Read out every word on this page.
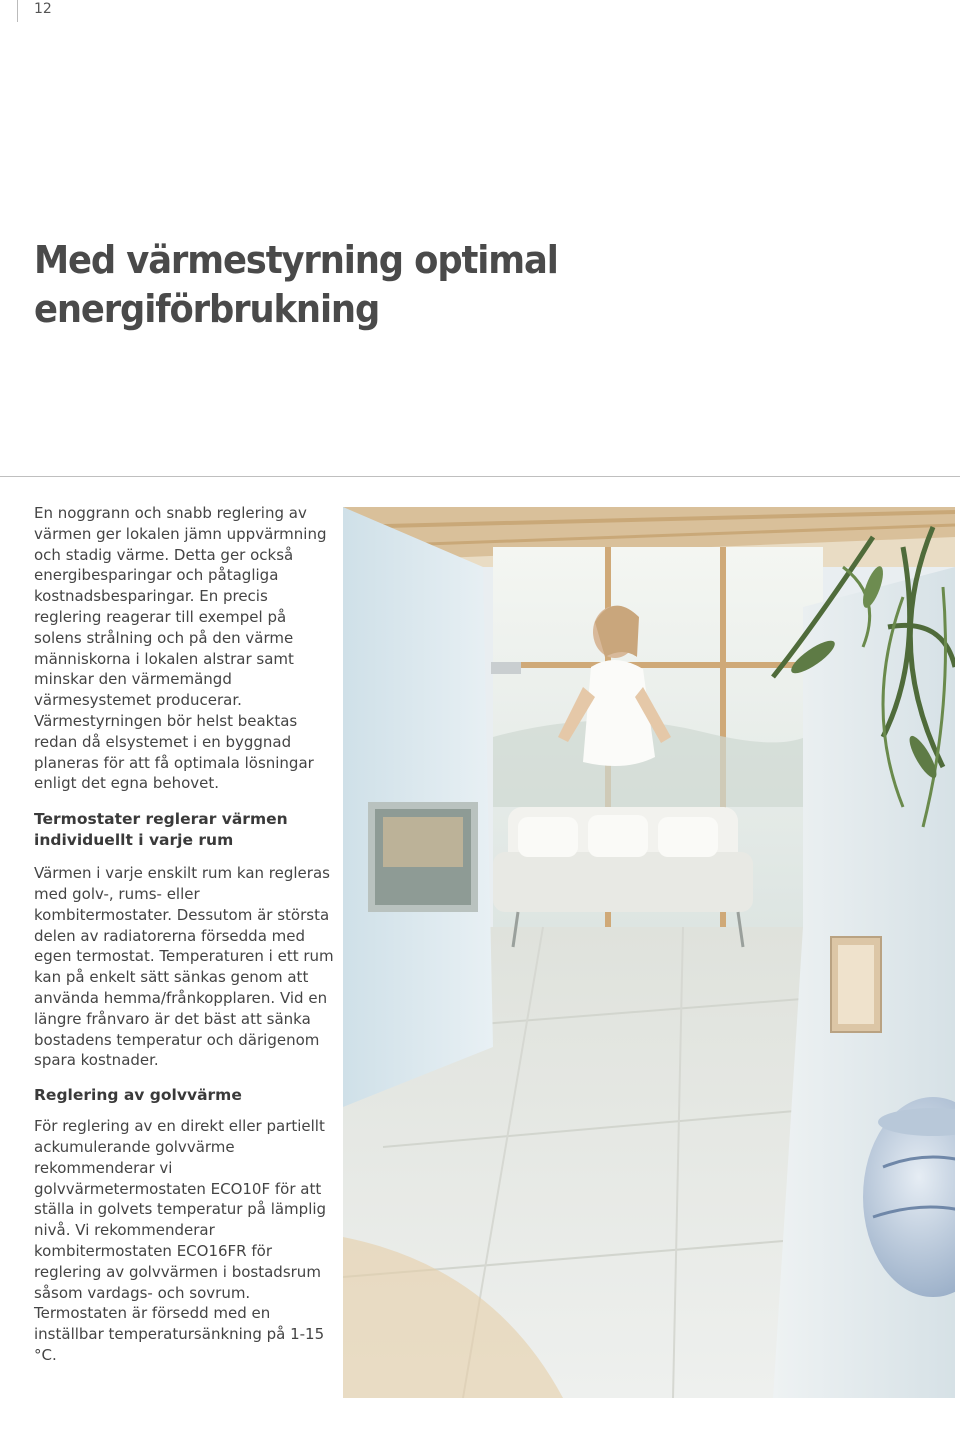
12
Med värmestyrning optimal
energiförbrukning

En noggrann och snabb reglering av värmen ger lokalen jämn uppvärmning och stadig värme. Detta ger också energibesparingar och påtagliga kostnadsbesparingar. En precis reglering reagerar till exempel på solens strålning och på den värme människorna i lokalen alstrar samt minskar den värmemängd värmesystemet producerar. Värmestyrningen bör helst beaktas redan då elsystemet i en byggnad planeras för att få optimala lösningar enligt det egna behovet.

Termostater reglerar värmen individuellt i varje rum

Värmen i varje enskilt rum kan regleras med golv-, rums- eller kombitermostater. Dessutom är största delen av radiatorerna försedda med egen termostat. Temperaturen i ett rum kan på enkelt sätt sänkas genom att använda hemma/frånkopplaren. Vid en längre frånvaro är det bäst att sänka bostadens temperatur och därigenom spara kostnader.

Reglering av golvvärme

För reglering av en direkt eller partiellt ackumulerande golvvärme rekommenderar vi golvvärmetermostaten ECO10F för att ställa in golvets temperatur på lämplig nivå. Vi rekommenderar kombitermostaten ECO16FR för reglering av golvvärmen i bostadsrum såsom vardags- och sovrum. Termostaten är försedd med en inställbar temperatursänkning på 1-15 °C.
